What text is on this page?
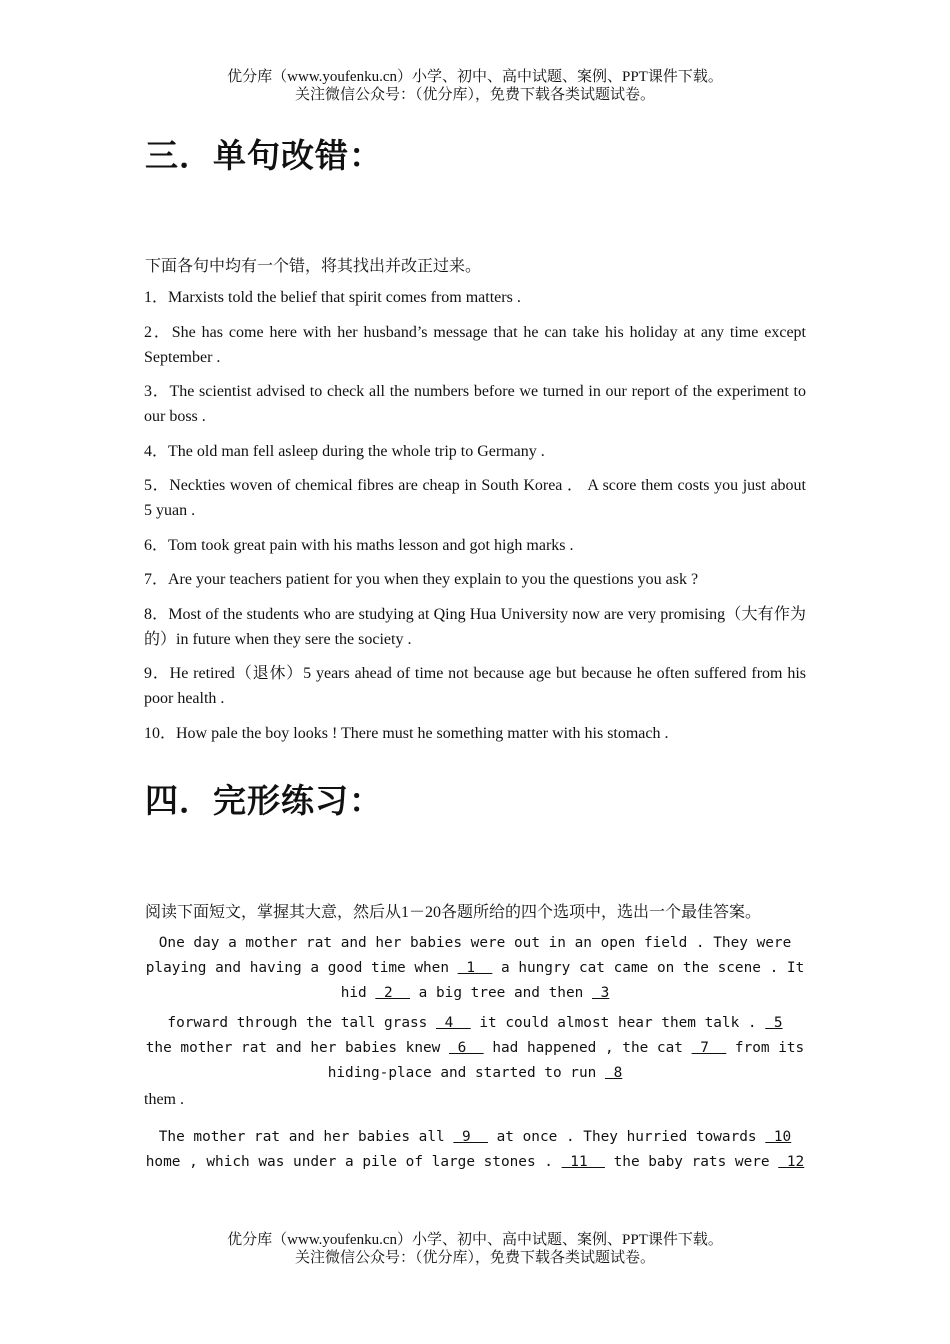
优分库（www.youfenku.cn）小学、初中、高中试题、案例、PPT课件下载。
关注微信公众号：（优分库），免费下载各类试题试卷。
三．单句改错：
下面各句中均有一个错，将其找出并改正过来。
1．Marxists told the belief that spirit comes from matters .
2．She has come here with her husband’s message that he can take his holiday at any time except September .
3．The scientist advised to check all the numbers before we turned in our report of the experiment to our boss .
4．The old man fell asleep during the whole trip to Germany .
5．Neckties woven of chemical fibres are cheap in South Korea ． A score them costs you just about 5 yuan .
6．Tom took great pain with his maths lesson and got high marks .
7．Are your teachers patient for you when they explain to you the questions you ask ?
8．Most of the students who are studying at Qing Hua University now are very promising（大有作为的）in future when they sere the society .
9．He retired（退休）5 years ahead of time not because age but because he often suffered from his poor health .
10．How pale the boy looks ! There must he something matter with his stomach .
四．完形练习：
阅读下面短文，掌握其大意，然后从1－20各题所给的四个选项中，选出一个最佳答案。
One day a mother rat and her babies were out in an open field . They were
playing and having a good time when  1   a hungry cat came on the scene . It
hid  2   a big tree and then  3
forward through the tall grass  4   it could almost hear them talk .  5
the mother rat and her babies knew  6   had happened , the cat  7   from its
hiding-place and started to run  8
them .
The mother rat and her babies all  9   at once . They hurried towards  10
home , which was under a pile of large stones .  11   the baby rats were  12
优分库（www.youfenku.cn）小学、初中、高中试题、案例、PPT课件下载。
关注微信公众号：（优分库），免费下载各类试题试卷。
